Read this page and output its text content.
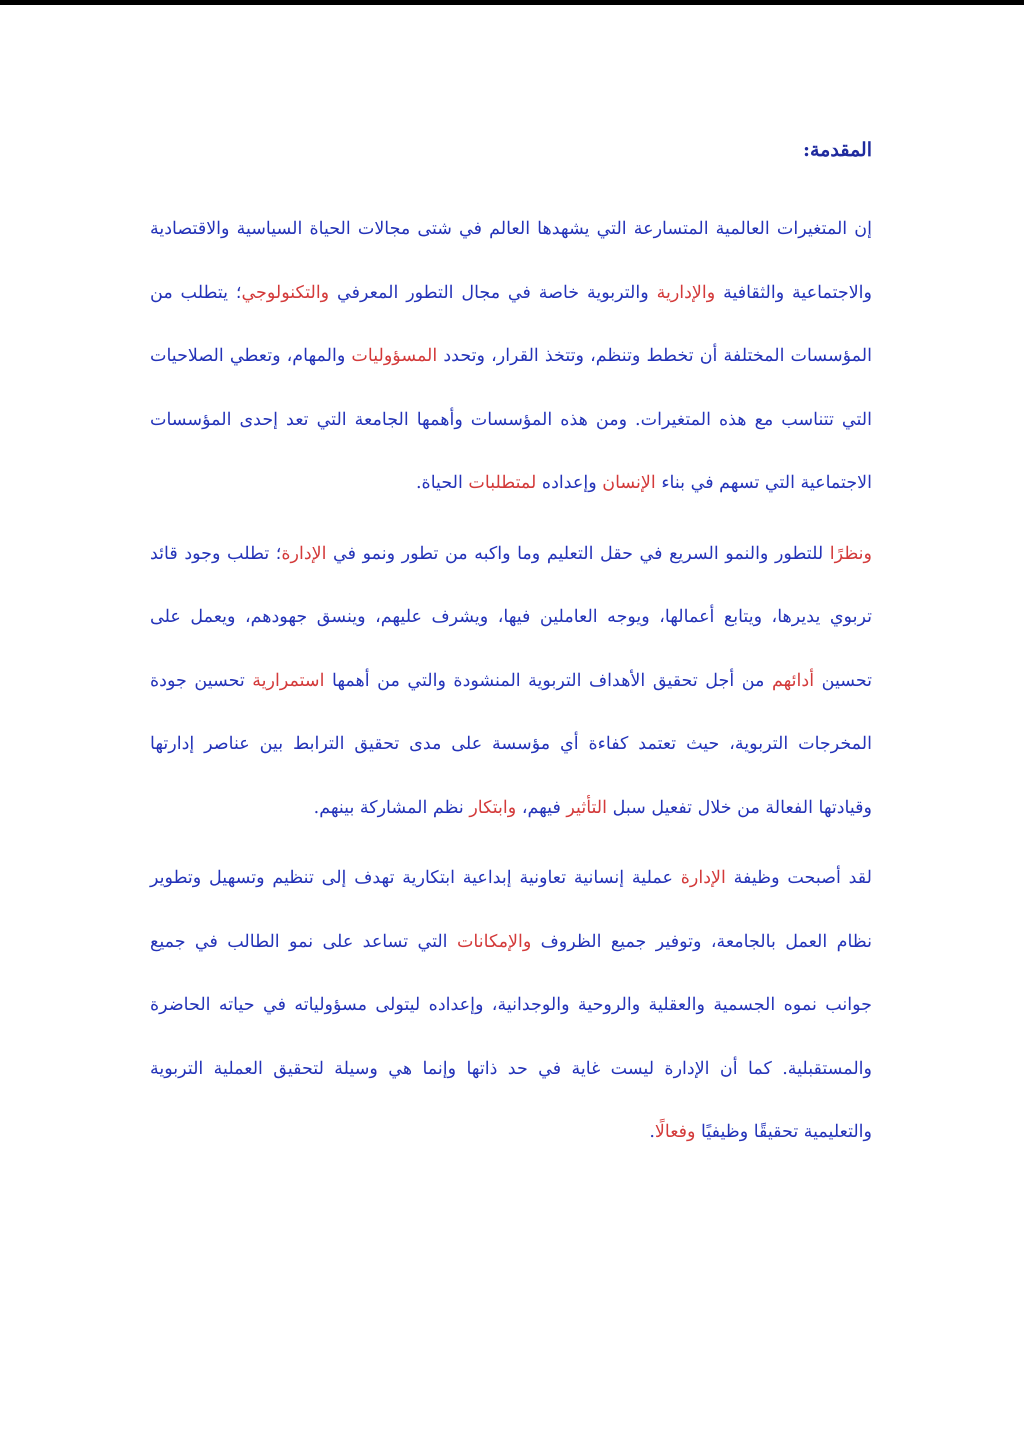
المقدمة:

إن المتغيرات العالمية المتسارعة التي يشهدها العالم في شتى مجالات الحياة السياسية والاقتصادية والاجتماعية والثقافية والإدارية والتربوية خاصة في مجال التطور المعرفي والتكنولوجي؛ يتطلب من المؤسسات المختلفة أن تخطط وتنظم، وتتخذ القرار، وتحدد المسؤوليات والمهام، وتعطي الصلاحيات التي تتناسب مع هذه المتغيرات. ومن هذه المؤسسات وأهمها الجامعة التي تعد إحدى المؤسسات الاجتماعية التي تسهم في بناء الإنسان وإعداده لمتطلبات الحياة.

ونظرًا للتطور والنمو السريع في حقل التعليم وما واكبه من تطور ونمو في الإدارة؛ تطلب وجود قائد تربوي يديرها، ويتابع أعمالها، ويوجه العاملين فيها، ويشرف عليهم، وينسق جهودهم، ويعمل على تحسين أدائهم من أجل تحقيق الأهداف التربوية المنشودة والتي من أهمها استمرارية تحسين جودة المخرجات التربوية، حيث تعتمد كفاءة أي مؤسسة على مدى تحقيق الترابط بين عناصر إدارتها وقيادتها الفعالة من خلال تفعيل سبل التأثير فيهم، وابتكار نظم المشاركة بينهم.

لقد أصبحت وظيفة الإدارة عملية إنسانية تعاونية إبداعية ابتكارية تهدف إلى تنظيم وتسهيل وتطوير نظام العمل بالجامعة، وتوفير جميع الظروف والإمكانات التي تساعد على نمو الطالب في جميع جوانب نموه الجسمية والعقلية والروحية والوجدانية، وإعداده ليتولى مسؤولياته في حياته الحاضرة والمستقبلية. كما أن الإدارة ليست غاية في حد ذاتها وإنما هي وسيلة لتحقيق العملية التربوية والتعليمية تحقيقًا وظيفيًا وفعالًا.
